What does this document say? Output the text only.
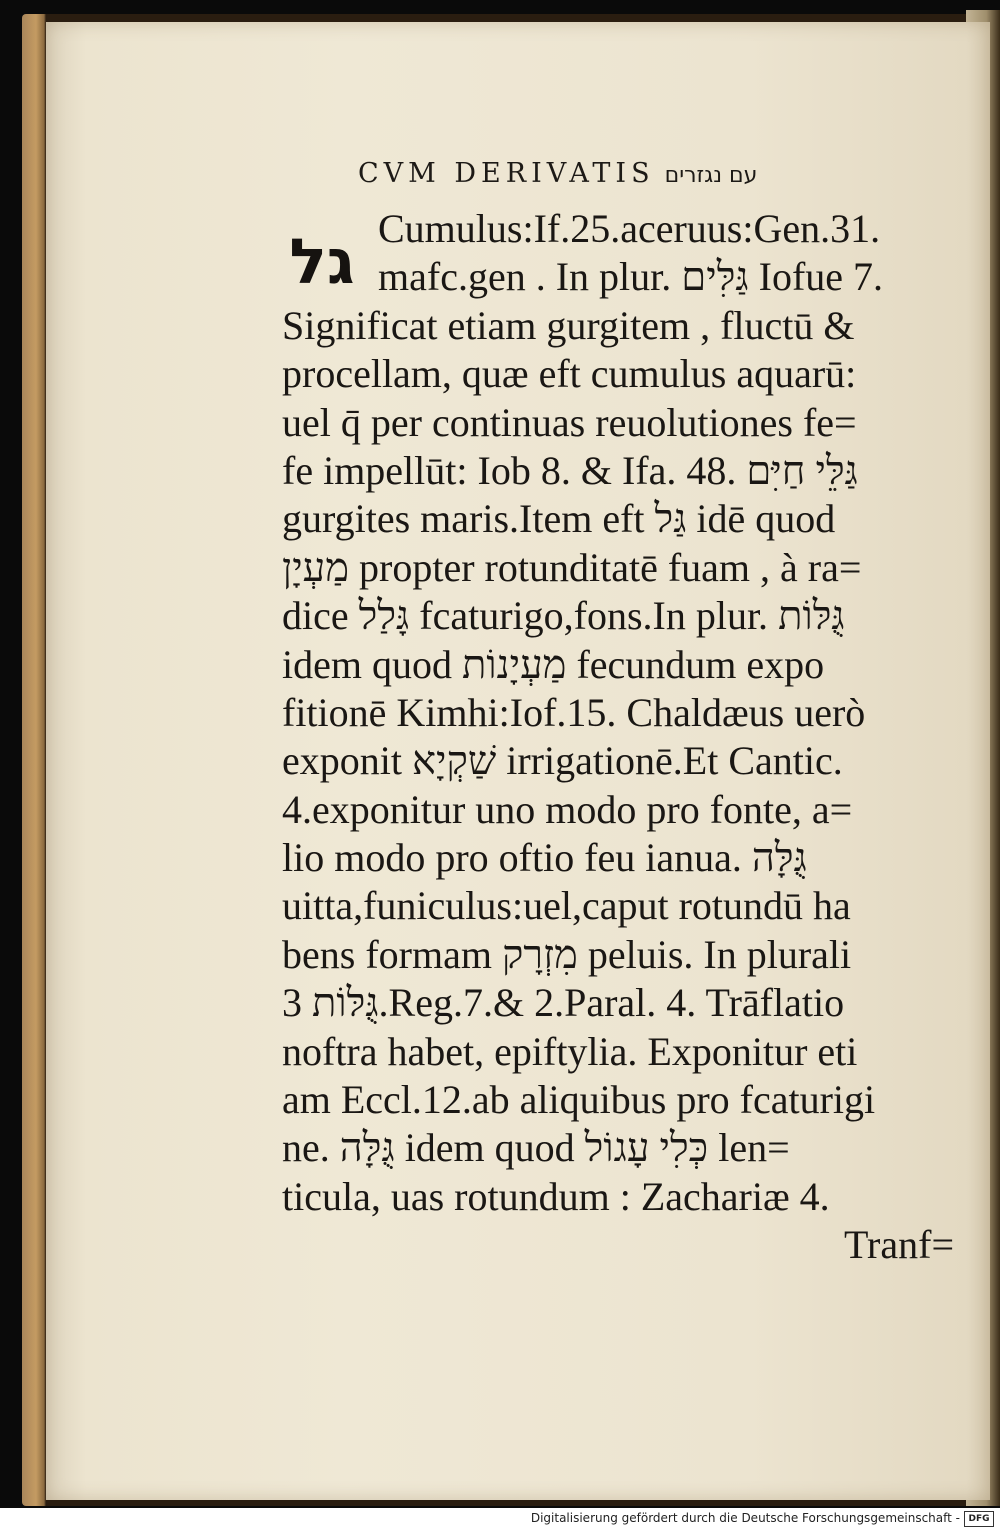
CVM DERIVATIS עם נגזרים
גל Cumulus:If.25.aceruus:Gen.31.
mafc.gen . In plur. גַּלִּים Iofue 7.
Significat etiam gurgitem , fluctū &
procellam, quæ eft cumulus aquarū:
uel q̄ per continuas reuolutiones fe=
fe impellūt: Iob 8. & Ifa. 48. גַּלֵּי חַיִּם
gurgites maris.Item eft גַּל idē quod
מַעְיָן propter rotunditatē fuam , à ra=
dice גָּלַל fcaturigo,fons.In plur. גֻּלּוֹת
idem quod מַעְיָנוֹת fecundum expo
fitionē Kimhi:Iof.15. Chaldæus uerò
exponit שַׁקְיָא irrigationē.Et Cantic.
4.exponitur uno modo pro fonte, a=
lio modo pro oftio feu ianua. גֻּלָּה
uitta,funiculus:uel,caput rotundū ha
bens formam מִזְרָק peluis. In plurali
גֻּלּוֹת 3.Reg.7.& 2.Paral. 4. Trāflatio
noftra habet, epiftylia. Exponitur eti
am Eccl.12.ab aliquibus pro fcaturigi
ne. גֻּלָּה idem quod כְּלִי עָגוֹל len=
ticula, uas rotundum : Zachariæ 4.
Tranf=
Digitalisierung gefördert durch die Deutsche Forschungsgemeinschaft - DFG
